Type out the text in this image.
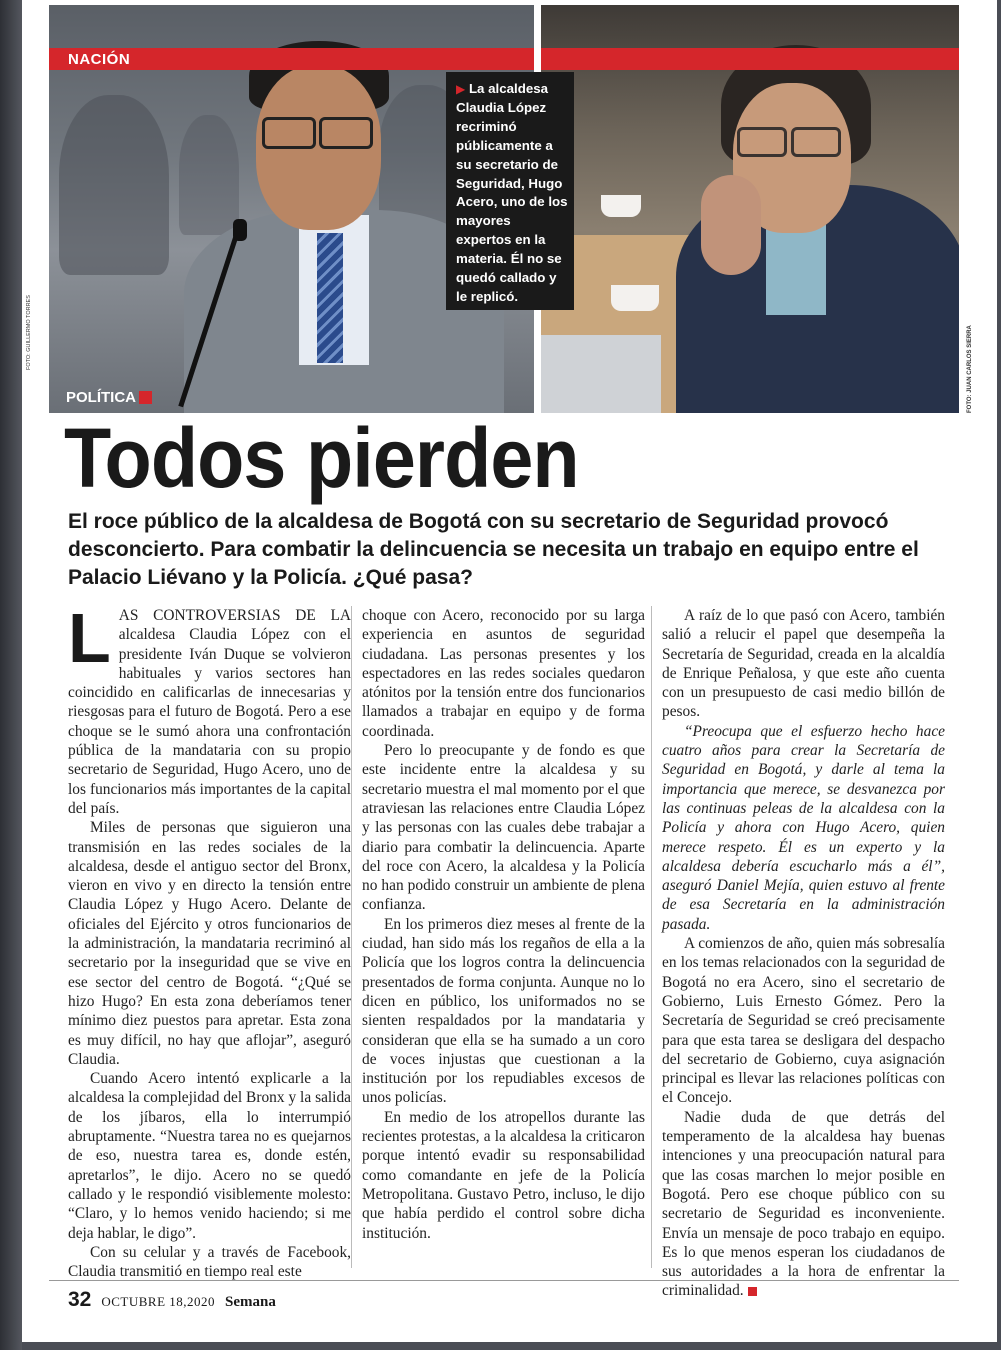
NACIÓN
▶ La alcaldesa Claudia López recriminó públicamente a su secretario de Seguridad, Hugo Acero, uno de los mayores expertos en la materia. Él no se quedó callado y le replicó.
POLÍTICA
FOTO: GUILLERMO TORRES	FOTO: JUAN CARLOS SIERRA
Todos pierden

El roce público de la alcaldesa de Bogotá con su secretario de Seguridad provocó desconcierto. Para combatir la delincuencia se necesita un trabajo en equipo entre el Palacio Liévano y la Policía. ¿Qué pasa?

LAS CONTROVERSIAS DE LA alcaldesa Claudia López con el presidente Iván Duque se volvieron habituales y varios sectores han coincidido en calificarlas de innecesarias y riesgosas para el futuro de Bogotá. Pero a ese choque se le sumó ahora una confrontación pública de la mandataria con su propio secretario de Seguridad, Hugo Acero, uno de los funcionarios más importantes de la capital del país.

Miles de personas que siguieron una transmisión en las redes sociales de la alcaldesa, desde el antiguo sector del Bronx, vieron en vivo y en directo la tensión entre Claudia López y Hugo Acero. Delante de oficiales del Ejército y otros funcionarios de la administración, la mandataria recriminó al secretario por la inseguridad que se vive en ese sector del centro de Bogotá. “¿Qué se hizo Hugo? En esta zona deberíamos tener mínimo diez puestos para apretar. Esta zona es muy difícil, no hay que aflojar”, aseguró Claudia.

Cuando Acero intentó explicarle a la alcaldesa la complejidad del Bronx y la salida de los jíbaros, ella lo interrumpió abruptamente. “Nuestra tarea no es quejarnos de eso, nuestra tarea es, donde estén, apretarlos”, le dijo. Acero no se quedó callado y le respondió visiblemente molesto: “Claro, y lo hemos venido haciendo; si me deja hablar, le digo”.

Con su celular y a través de Facebook, Claudia transmitió en tiempo real este

choque con Acero, reconocido por su larga experiencia en asuntos de seguridad ciudadana. Las personas presentes y los espectadores en las redes sociales quedaron atónitos por la tensión entre dos funcionarios llamados a trabajar en equipo y de forma coordinada.

Pero lo preocupante y de fondo es que este incidente entre la alcaldesa y su secretario muestra el mal momento por el que atraviesan las relaciones entre Claudia López y las personas con las cuales debe trabajar a diario para combatir la delincuencia. Aparte del roce con Acero, la alcaldesa y la Policía no han podido construir un ambiente de plena confianza.

En los primeros diez meses al frente de la ciudad, han sido más los regaños de ella a la Policía que los logros contra la delincuencia presentados de forma conjunta. Aunque no lo dicen en público, los uniformados no se sienten respaldados por la mandataria y consideran que ella se ha sumado a un coro de voces injustas que cuestionan a la institución por los repudiables excesos de unos policías.

En medio de los atropellos durante las recientes protestas, a la alcaldesa la criticaron porque intentó evadir su responsabilidad como comandante en jefe de la Policía Metropolitana. Gustavo Petro, incluso, le dijo que había perdido el control sobre dicha institución.

A raíz de lo que pasó con Acero, también salió a relucir el papel que desempeña la Secretaría de Seguridad, creada en la alcaldía de Enrique Peñalosa, y que este año cuenta con un presupuesto de casi medio billón de pesos.

“Preocupa que el esfuerzo hecho hace cuatro años para crear la Secretaría de Seguridad en Bogotá, y darle al tema la importancia que merece, se desvanezca por las continuas peleas de la alcaldesa con la Policía y ahora con Hugo Acero, quien merece respeto. Él es un experto y la alcaldesa debería escucharlo más a él”, aseguró Daniel Mejía, quien estuvo al frente de esa Secretaría en la administración pasada.

A comienzos de año, quien más sobresalía en los temas relacionados con la seguridad de Bogotá no era Acero, sino el secretario de Gobierno, Luis Ernesto Gómez. Pero la Secretaría de Seguridad se creó precisamente para que esta tarea se desligara del despacho del secretario de Gobierno, cuya asignación principal es llevar las relaciones políticas con el Concejo.

Nadie duda de que detrás del temperamento de la alcaldesa hay buenas intenciones y una preocupación natural para que las cosas marchen lo mejor posible en Bogotá. Pero ese choque público con su secretario de Seguridad es inconveniente. Envía un mensaje de poco trabajo en equipo. Es lo que menos esperan los ciudadanos de sus autoridades a la hora de enfrentar la criminalidad.

32 OCTUBRE 18,2020 Semana
